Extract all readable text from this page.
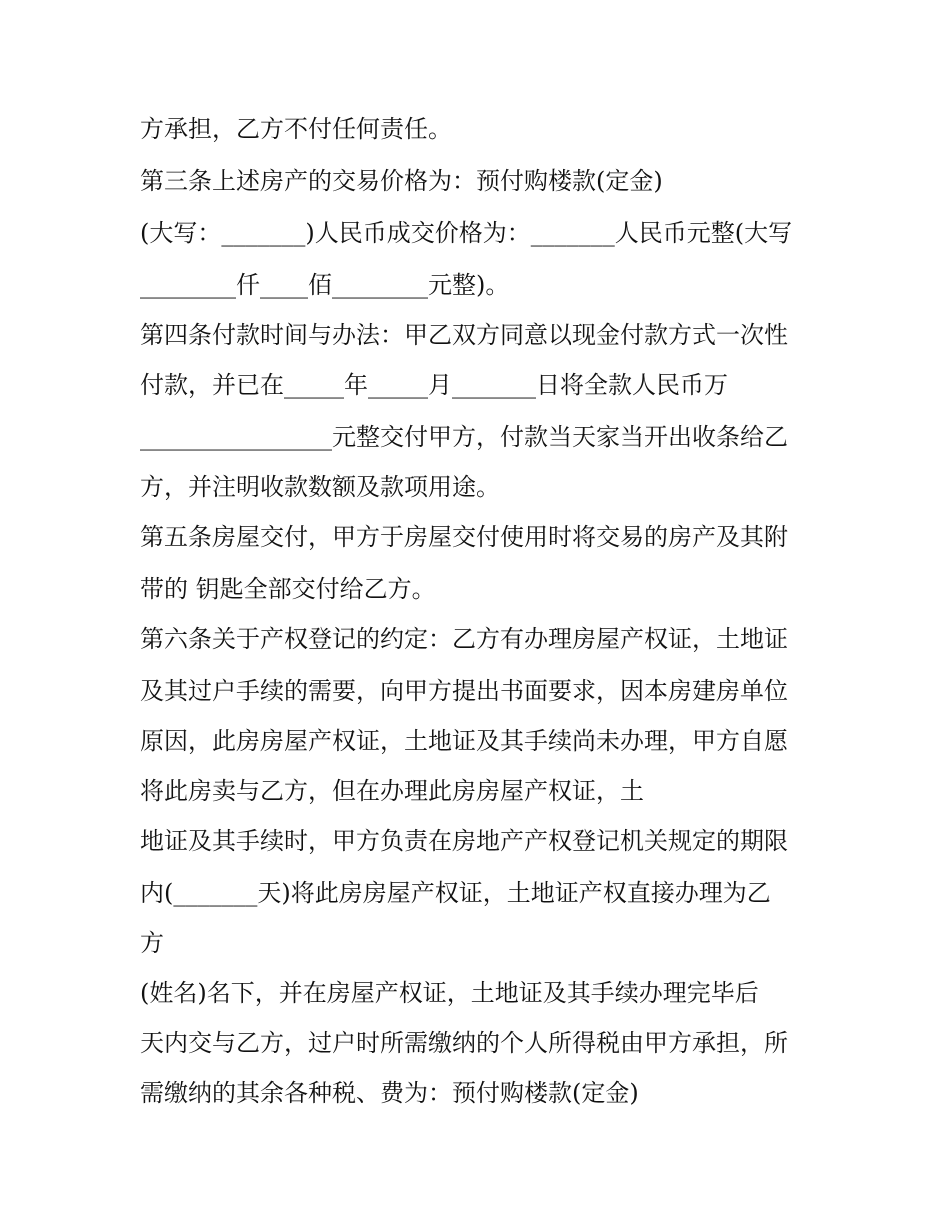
方承担，乙方不付任何责任。
第三条上述房产的交易价格为：预付购楼款(定金)
(大写：_______)人民币成交价格为：_______人民币元整(大写
________仟____佰________元整)。
第四条付款时间与办法：甲乙双方同意以现金付款方式一次性
付款，并已在_____年_____月_______日将全款人民币万
________________元整交付甲方，付款当天家当开出收条给乙
方，并注明收款数额及款项用途。
第五条房屋交付，甲方于房屋交付使用时将交易的房产及其附
带的 钥匙全部交付给乙方。
第六条关于产权登记的约定：乙方有办理房屋产权证，土地证
及其过户手续的需要，向甲方提出书面要求，因本房建房单位
原因，此房房屋产权证，土地证及其手续尚未办理，甲方自愿
将此房卖与乙方，但在办理此房房屋产权证，土
地证及其手续时，甲方负责在房地产产权登记机关规定的期限
内(_______天)将此房房屋产权证，土地证产权直接办理为乙
方
(姓名)名下，并在房屋产权证，土地证及其手续办理完毕后
天内交与乙方，过户时所需缴纳的个人所得税由甲方承担，所
需缴纳的其余各种税、费为：预付购楼款(定金)
